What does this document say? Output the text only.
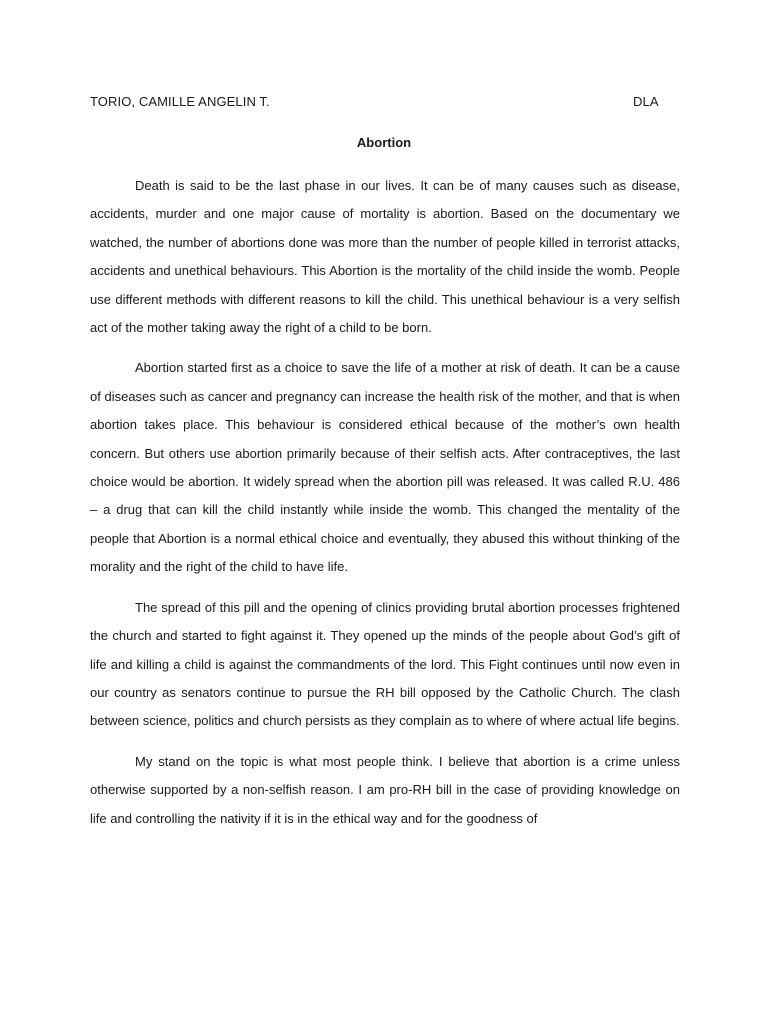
TORIO, CAMILLE ANGELIN T.	DLA
Abortion

Death is said to be the last phase in our lives. It can be of many causes such as disease, accidents, murder and one major cause of mortality is abortion. Based on the documentary we watched, the number of abortions done was more than the number of people killed in terrorist attacks, accidents and unethical behaviours. This Abortion is the mortality of the child inside the womb. People use different methods with different reasons to kill the child. This unethical behaviour is a very selfish act of the mother taking away the right of a child to be born.

Abortion started first as a choice to save the life of a mother at risk of death. It can be a cause of diseases such as cancer and pregnancy can increase the health risk of the mother, and that is when abortion takes place. This behaviour is considered ethical because of the mother’s own health concern. But others use abortion primarily because of their selfish acts. After contraceptives, the last choice would be abortion. It widely spread when the abortion pill was released. It was called R.U. 486 – a drug that can kill the child instantly while inside the womb. This changed the mentality of the people that Abortion is a normal ethical choice and eventually, they abused this without thinking of the morality and the right of the child to have life.

The spread of this pill and the opening of clinics providing brutal abortion processes frightened the church and started to fight against it. They opened up the minds of the people about God’s gift of life and killing a child is against the commandments of the lord. This Fight continues until now even in our country as senators continue to pursue the RH bill opposed by the Catholic Church. The clash between science, politics and church persists as they complain as to where of where actual life begins.

My stand on the topic is what most people think. I believe that abortion is a crime unless otherwise supported by a non-selfish reason. I am pro-RH bill in the case of providing knowledge on life and controlling the nativity if it is in the ethical way and for the goodness of
